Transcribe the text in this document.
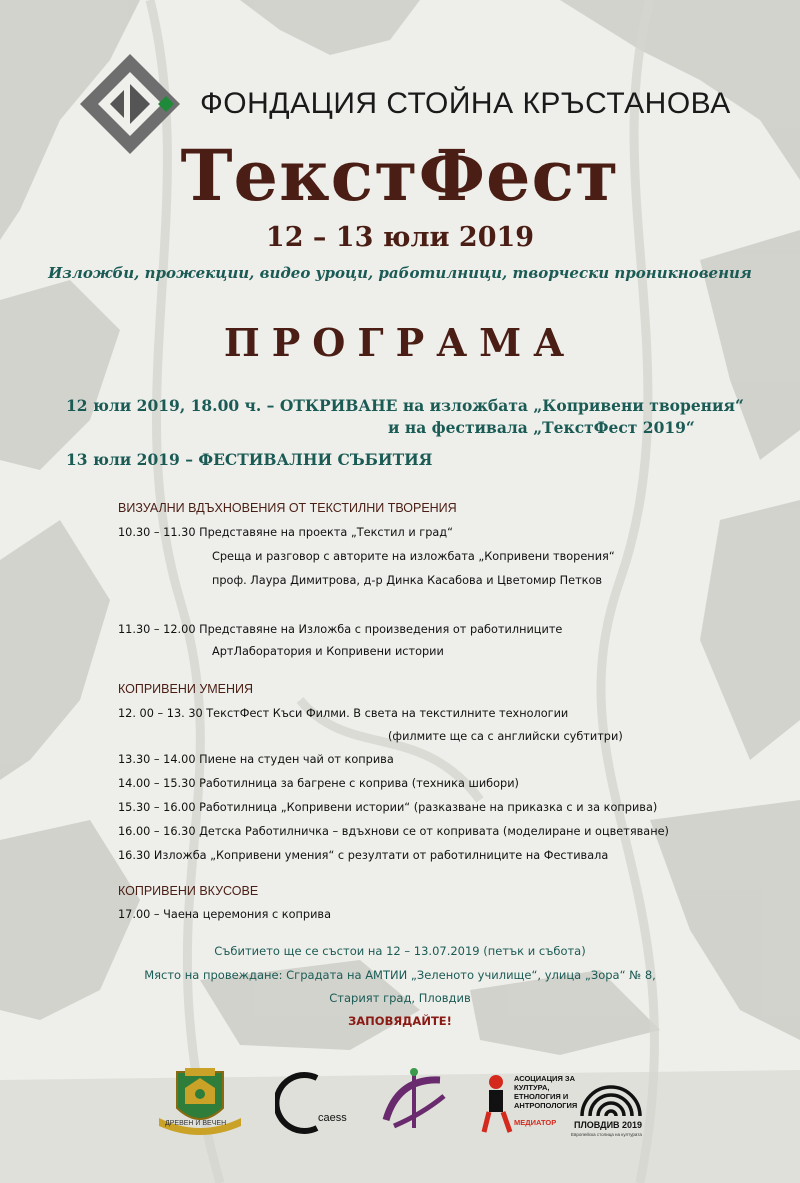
ФОНДАЦИЯ СТОЙНА КРЪСТАНОВА
ТекстФест
12 – 13 юли 2019
Изложби, прожекции, видео уроци, работилници, творчески проникновения
ПРОГРАМА
12 юли 2019, 18.00 ч. – ОТКРИВАНЕ на изложбата „Копривени творения“
и на фестивала „ТекстФест 2019“
13 юли 2019 – ФЕСТИВАЛНИ СЪБИТИЯ
ВИЗУАЛНИ ВДЪХНОВЕНИЯ ОТ ТЕКСТИЛНИ ТВОРЕНИЯ
10.30 – 11.30 Представяне на проекта „Текстил и град“
Среща и разговор с авторите на изложбата „Копривени творения“
проф. Лаура Димитрова, д-р Динка Касабова и Цветомир Петков
11.30 – 12.00 Представяне на Изложба с произведения от работилниците
АртЛаборатория и Копривени истории
КОПРИВЕНИ УМЕНИЯ
12. 00 – 13. 30 ТекстФест Къси Филми. В света на текстилните технологии
(филмите ще са с английски субтитри)
13.30 – 14.00 Пиене на студен чай от коприва
14.00 – 15.30 Работилница за багрене с коприва (техника шибори)
15.30 – 16.00 Работилница „Копривени истории“ (разказване на приказка с и за коприва)
16.00 – 16.30 Детска Работилничка – вдъхнови се от копривата (моделиране и оцветяване)
16.30 Изложба „Копривени умения“ с резултати от работилниците на Фестивала
КОПРИВЕНИ ВКУСОВЕ
17.00 – Чаена церемония с коприва
Събитието ще се състои на 12 – 13.07.2019 (петък и събота)
Място на провеждане: Сградата на АМТИИ „Зеленото училище“, улица „Зора“ № 8,
Старият град, Пловдив
ЗАПОВЯДАЙТЕ!
ДРЕВЕН И ВЕЧЕН	caess
АСОЦИАЦИЯ ЗА
КУЛТУРА,
ЕТНОЛОГИЯ И
АНТРОПОЛОГИЯ
МЕДИАТОР	ПЛОВДИВ 2019
Европейска столица на културата
